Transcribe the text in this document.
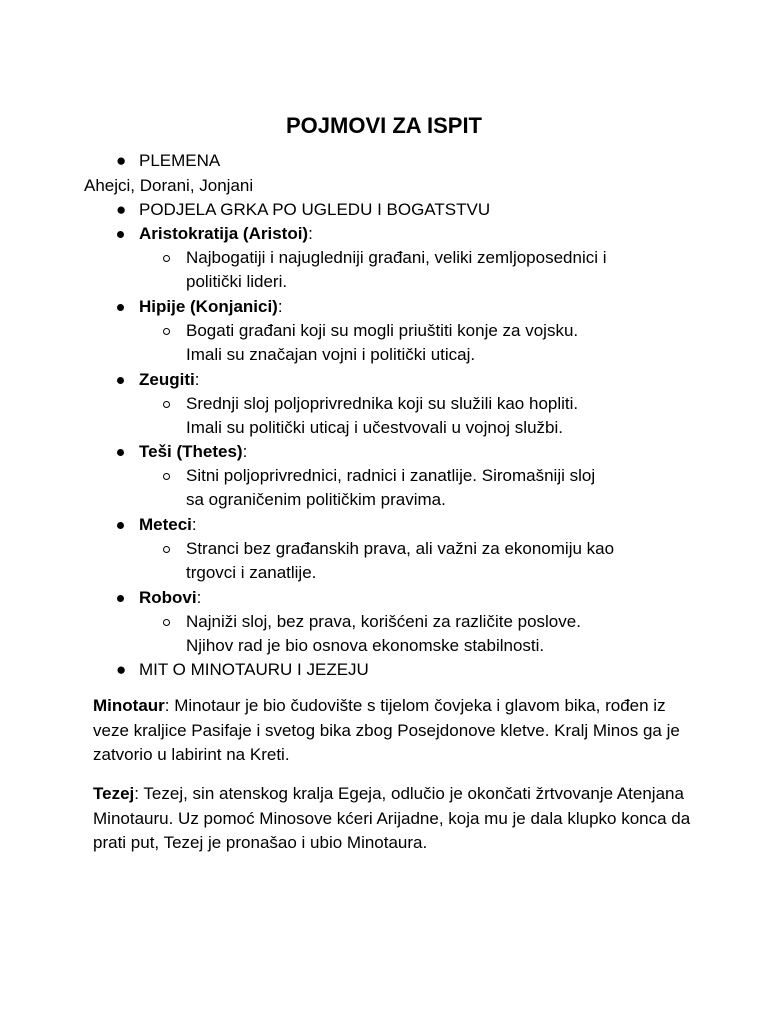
POJMOVI ZA ISPIT
● PLEMENA
Ahejci, Dorani, Jonjani
● PODJELA GRKA PO UGLEDU I BOGATSTVU
Aristokratija (Aristoi):
Najbogatiji i najugledniji građani, veliki zemljoposednici i
politički lideri.
Hipije (Konjanici):
Bogati građani koji su mogli priuštiti konje za vojsku.
Imali su značajan vojni i politički uticaj.
Zeugiti:
Srednji sloj poljoprivrednika koji su služili kao hopliti.
Imali su politički uticaj i učestvovali u vojnoj službi.
Teši (Thetes):
Sitni poljoprivrednici, radnici i zanatlije. Siromašniji sloj
sa ograničenim političkim pravima.
Meteci:
Stranci bez građanskih prava, ali važni za ekonomiju kao
trgovci i zanatlije.
Robovi:
Najniži sloj, bez prava, korišćeni za različite poslove.
Njihov rad je bio osnova ekonomske stabilnosti.
● MIT O MINOTAURU I JEZEJU
Minotaur: Minotaur je bio čudovište s tijelom čovjeka i glavom bika, rođen iz veze kraljice Pasifaje i svetog bika zbog Posejdonove kletve. Kralj Minos ga je zatvorio u labirint na Kreti.
Tezej: Tezej, sin atenskog kralja Egeja, odlučio je okončati žrtvovanje Atenjana Minotauru. Uz pomoć Minosove kćeri Arijadne, koja mu je dala klupko konca da prati put, Tezej je pronašao i ubio Minotaura.
